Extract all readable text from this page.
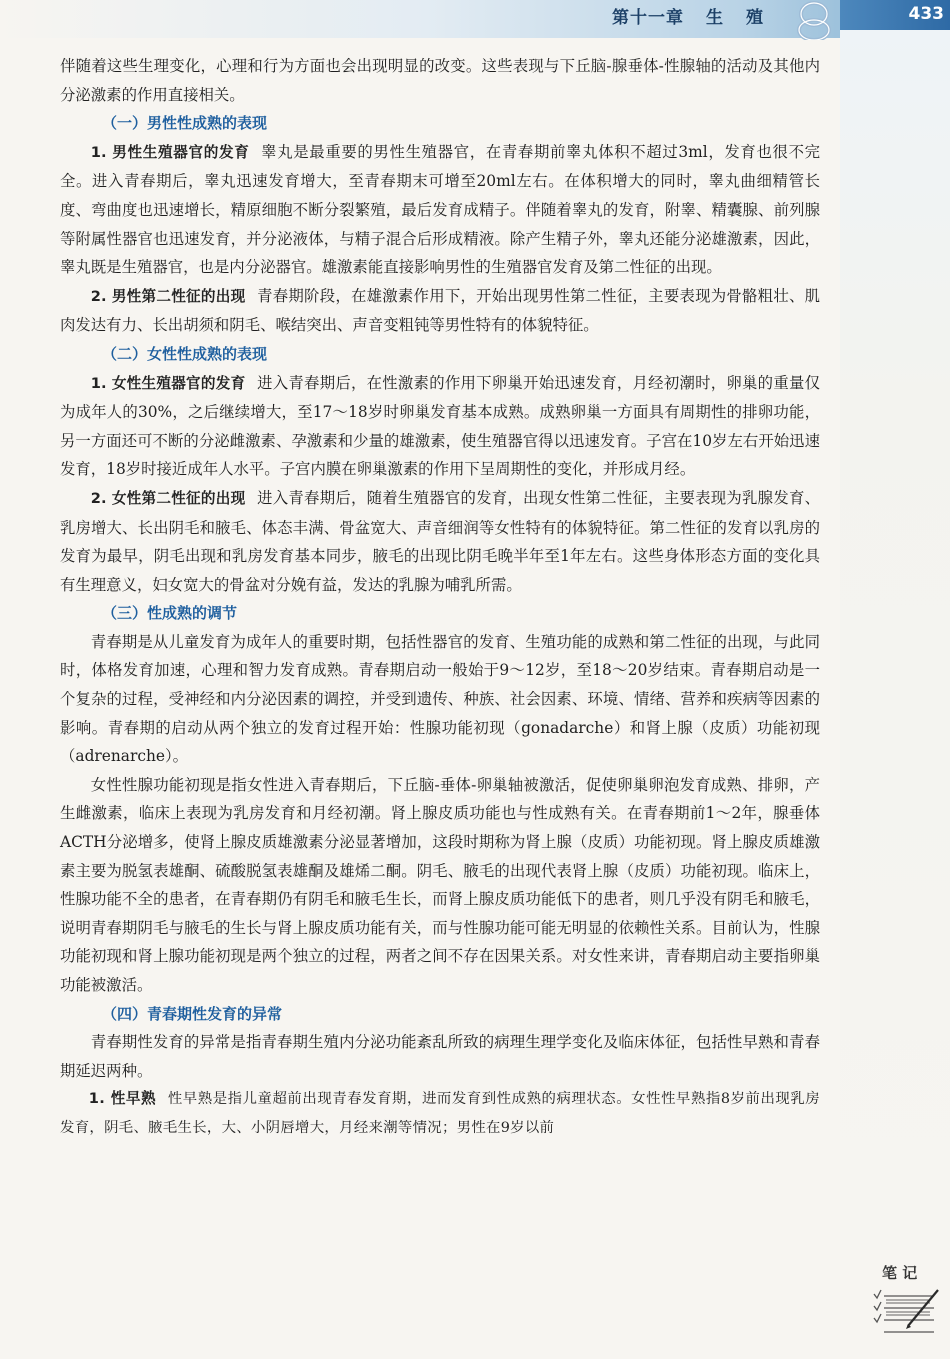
第十一章 生 殖	433

伴随着这些生理变化，心理和行为方面也会出现明显的改变。这些表现与下丘脑-腺垂体-性腺轴的活动及其他内分泌激素的作用直接相关。

（一）男性性成熟的表现

1. 男性生殖器官的发育 睾丸是最重要的男性生殖器官，在青春期前睾丸体积不超过3ml，发育也很不完全。进入青春期后，睾丸迅速发育增大，至青春期末可增至20ml左右。在体积增大的同时，睾丸曲细精管长度、弯曲度也迅速增长，精原细胞不断分裂繁殖，最后发育成精子。伴随着睾丸的发育，附睾、精囊腺、前列腺等附属性器官也迅速发育，并分泌液体，与精子混合后形成精液。除产生精子外，睾丸还能分泌雄激素，因此，睾丸既是生殖器官，也是内分泌器官。雄激素能直接影响男性的生殖器官发育及第二性征的出现。

2. 男性第二性征的出现 青春期阶段，在雄激素作用下，开始出现男性第二性征，主要表现为骨骼粗壮、肌肉发达有力、长出胡须和阴毛、喉结突出、声音变粗钝等男性特有的体貌特征。

（二）女性性成熟的表现

1. 女性生殖器官的发育 进入青春期后，在性激素的作用下卵巢开始迅速发育，月经初潮时，卵巢的重量仅为成年人的30%，之后继续增大，至17～18岁时卵巢发育基本成熟。成熟卵巢一方面具有周期性的排卵功能，另一方面还可不断的分泌雌激素、孕激素和少量的雄激素，使生殖器官得以迅速发育。子宫在10岁左右开始迅速发育，18岁时接近成年人水平。子宫内膜在卵巢激素的作用下呈周期性的变化，并形成月经。

2. 女性第二性征的出现 进入青春期后，随着生殖器官的发育，出现女性第二性征，主要表现为乳腺发育、乳房增大、长出阴毛和腋毛、体态丰满、骨盆宽大、声音细润等女性特有的体貌特征。第二性征的发育以乳房的发育为最早，阴毛出现和乳房发育基本同步，腋毛的出现比阴毛晚半年至1年左右。这些身体形态方面的变化具有生理意义，妇女宽大的骨盆对分娩有益，发达的乳腺为哺乳所需。

（三）性成熟的调节

青春期是从儿童发育为成年人的重要时期，包括性器官的发育、生殖功能的成熟和第二性征的出现，与此同时，体格发育加速，心理和智力发育成熟。青春期启动一般始于9～12岁，至18～20岁结束。青春期启动是一个复杂的过程，受神经和内分泌因素的调控，并受到遗传、种族、社会因素、环境、情绪、营养和疾病等因素的影响。青春期的启动从两个独立的发育过程开始：性腺功能初现（gonadarche）和肾上腺（皮质）功能初现（adrenarche）。

女性性腺功能初现是指女性进入青春期后，下丘脑-垂体-卵巢轴被激活，促使卵巢卵泡发育成熟、排卵，产生雌激素，临床上表现为乳房发育和月经初潮。肾上腺皮质功能也与性成熟有关。在青春期前1～2年，腺垂体ACTH分泌增多，使肾上腺皮质雄激素分泌显著增加，这段时期称为肾上腺（皮质）功能初现。肾上腺皮质雄激素主要为脱氢表雄酮、硫酸脱氢表雄酮及雄烯二酮。阴毛、腋毛的出现代表肾上腺（皮质）功能初现。临床上，性腺功能不全的患者，在青春期仍有阴毛和腋毛生长，而肾上腺皮质功能低下的患者，则几乎没有阴毛和腋毛，说明青春期阴毛与腋毛的生长与肾上腺皮质功能有关，而与性腺功能可能无明显的依赖性关系。目前认为，性腺功能初现和肾上腺功能初现是两个独立的过程，两者之间不存在因果关系。对女性来讲，青春期启动主要指卵巢功能被激活。

（四）青春期性发育的异常

青春期性发育的异常是指青春期生殖内分泌功能紊乱所致的病理生理学变化及临床体征，包括性早熟和青春期延迟两种。

1. 性早熟 性早熟是指儿童超前出现青春发育期，进而发育到性成熟的病理状态。女性性早熟指8岁前出现乳房发育，阴毛、腋毛生长，大、小阴唇增大，月经来潮等情况；男性在9岁以前

笔 记
